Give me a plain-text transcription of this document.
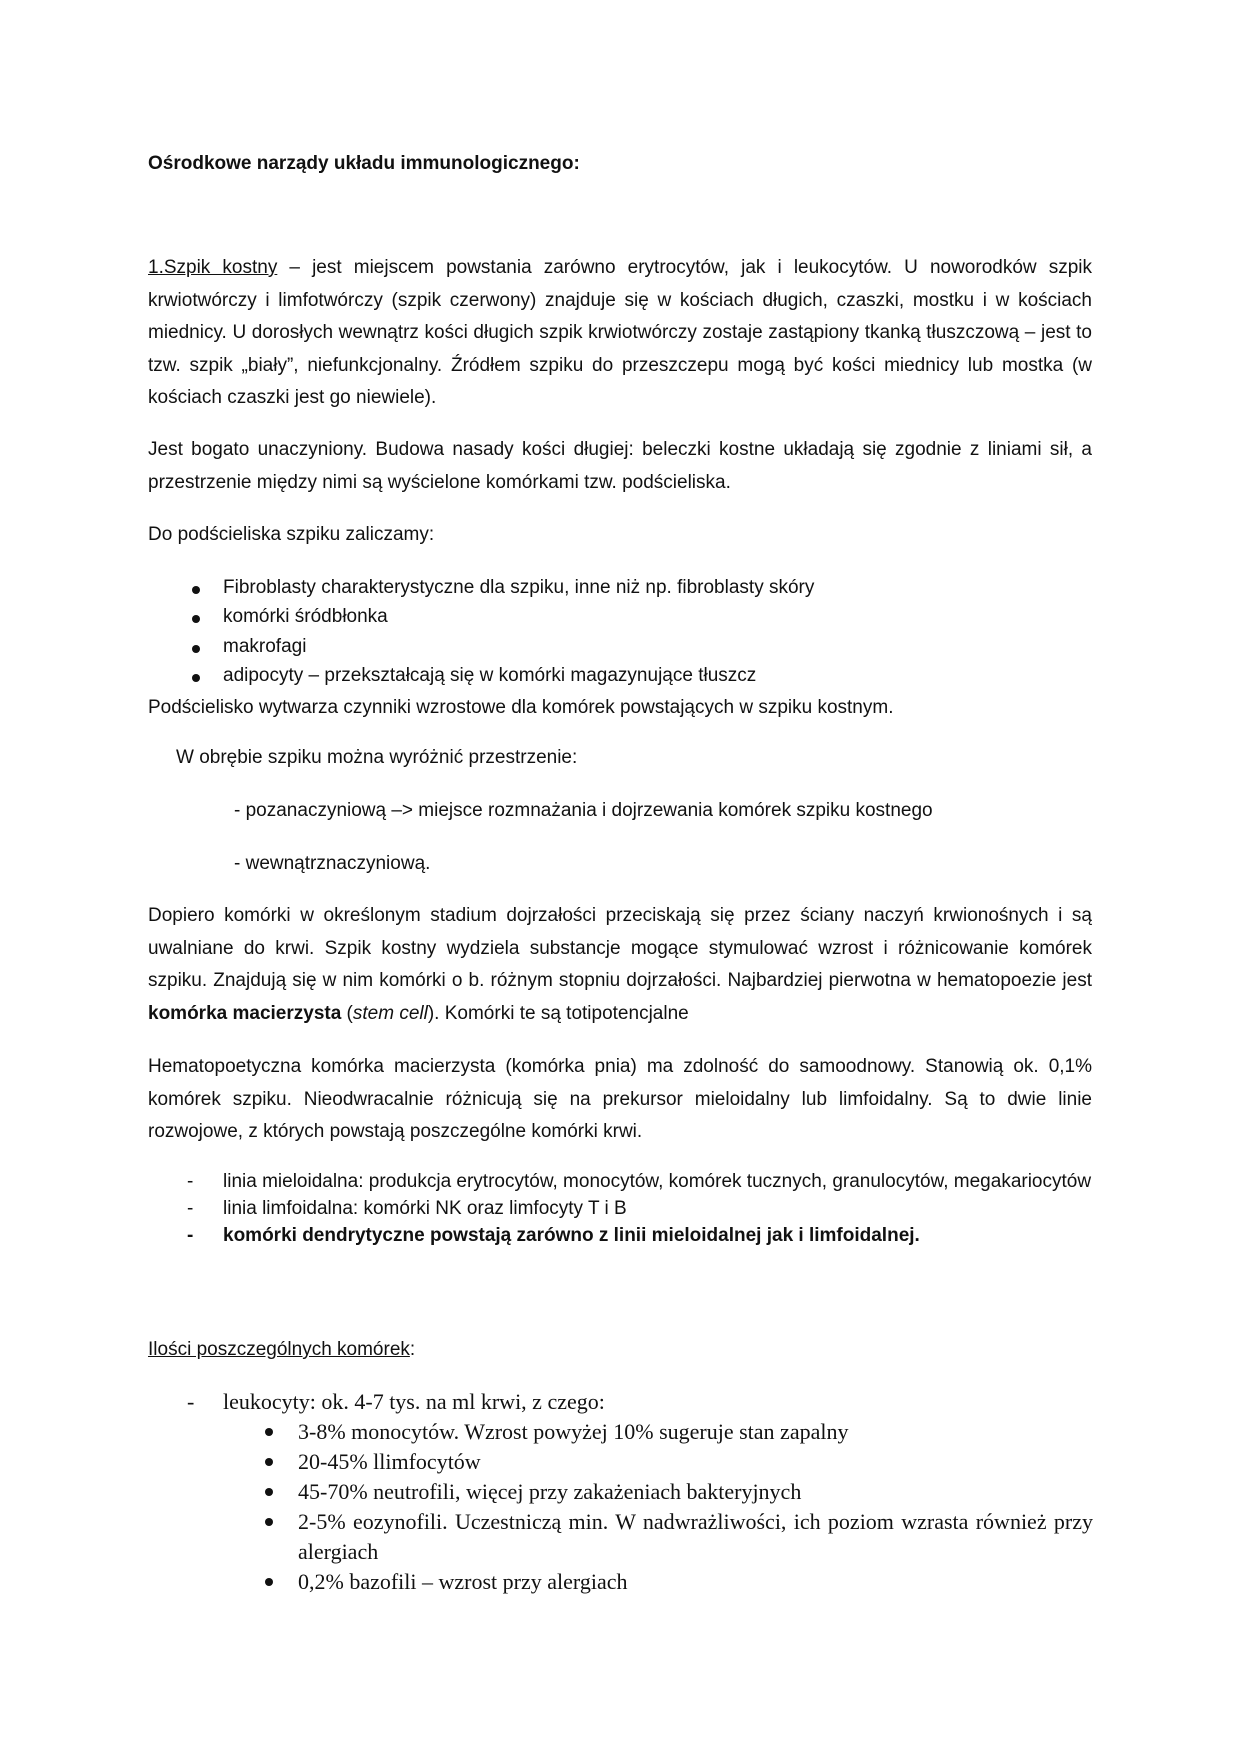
Ośrodkowe narządy układu immunologicznego:

1.Szpik kostny – jest miejscem powstania zarówno erytrocytów, jak i leukocytów. U noworodków szpik krwiotwórczy i limfotwórczy (szpik czerwony) znajduje się w kościach długich, czaszki, mostku i w kościach miednicy. U dorosłych wewnątrz kości długich szpik krwiotwórczy zostaje zastąpiony tkanką tłuszczową – jest to tzw. szpik „biały”, niefunkcjonalny. Źródłem szpiku do przeszczepu mogą być kości miednicy lub mostka (w kościach czaszki jest go niewiele).

Jest bogato unaczyniony. Budowa nasady kości długiej: beleczki kostne układają się zgodnie z liniami sił, a przestrzenie między nimi są wyścielone komórkami tzw. podścieliska.

Do podścieliska szpiku zaliczamy:

Fibroblasty charakterystyczne dla szpiku, inne niż np. fibroblasty skóry
komórki śródbłonka
makrofagi
adipocyty – przekształcają się w komórki magazynujące tłuszcz

Podścielisko wytwarza czynniki wzrostowe dla komórek powstających w szpiku kostnym.

W obrębie szpiku można wyróżnić przestrzenie:

- pozanaczyniową –> miejsce rozmnażania i dojrzewania komórek szpiku kostnego

- wewnątrznaczyniową.

Dopiero komórki w określonym stadium dojrzałości przeciskają się przez ściany naczyń krwionośnych i są uwalniane do krwi. Szpik kostny wydziela substancje mogące stymulować wzrost i różnicowanie komórek szpiku. Znajdują się w nim komórki o b. różnym stopniu dojrzałości. Najbardziej pierwotna w hematopoezie jest komórka macierzysta (stem cell). Komórki te są totipotencjalne

Hematopoetyczna komórka macierzysta (komórka pnia) ma zdolność do samoodnowy. Stanowią ok. 0,1% komórek szpiku. Nieodwracalnie różnicują się na prekursor mieloidalny lub limfoidalny. Są to dwie linie rozwojowe, z których powstają poszczególne komórki krwi.

- linia mieloidalna: produkcja erytrocytów, monocytów, komórek tucznych, granulocytów, megakariocytów
- linia limfoidalna: komórki NK oraz limfocyty T i B
- komórki dendrytyczne powstają zarówno z linii mieloidalnej jak i limfoidalnej.

Ilości poszczególnych komórek:

- leukocyty: ok. 4-7 tys. na ml krwi, z czego:
3-8% monocytów. Wzrost powyżej 10% sugeruje stan zapalny
20-45% llimfocytów
45-70% neutrofili, więcej przy zakażeniach bakteryjnych
2-5% eozynofili. Uczestniczą min. W nadwrażliwości, ich poziom wzrasta również przy alergiach
0,2% bazofili – wzrost przy alergiach
